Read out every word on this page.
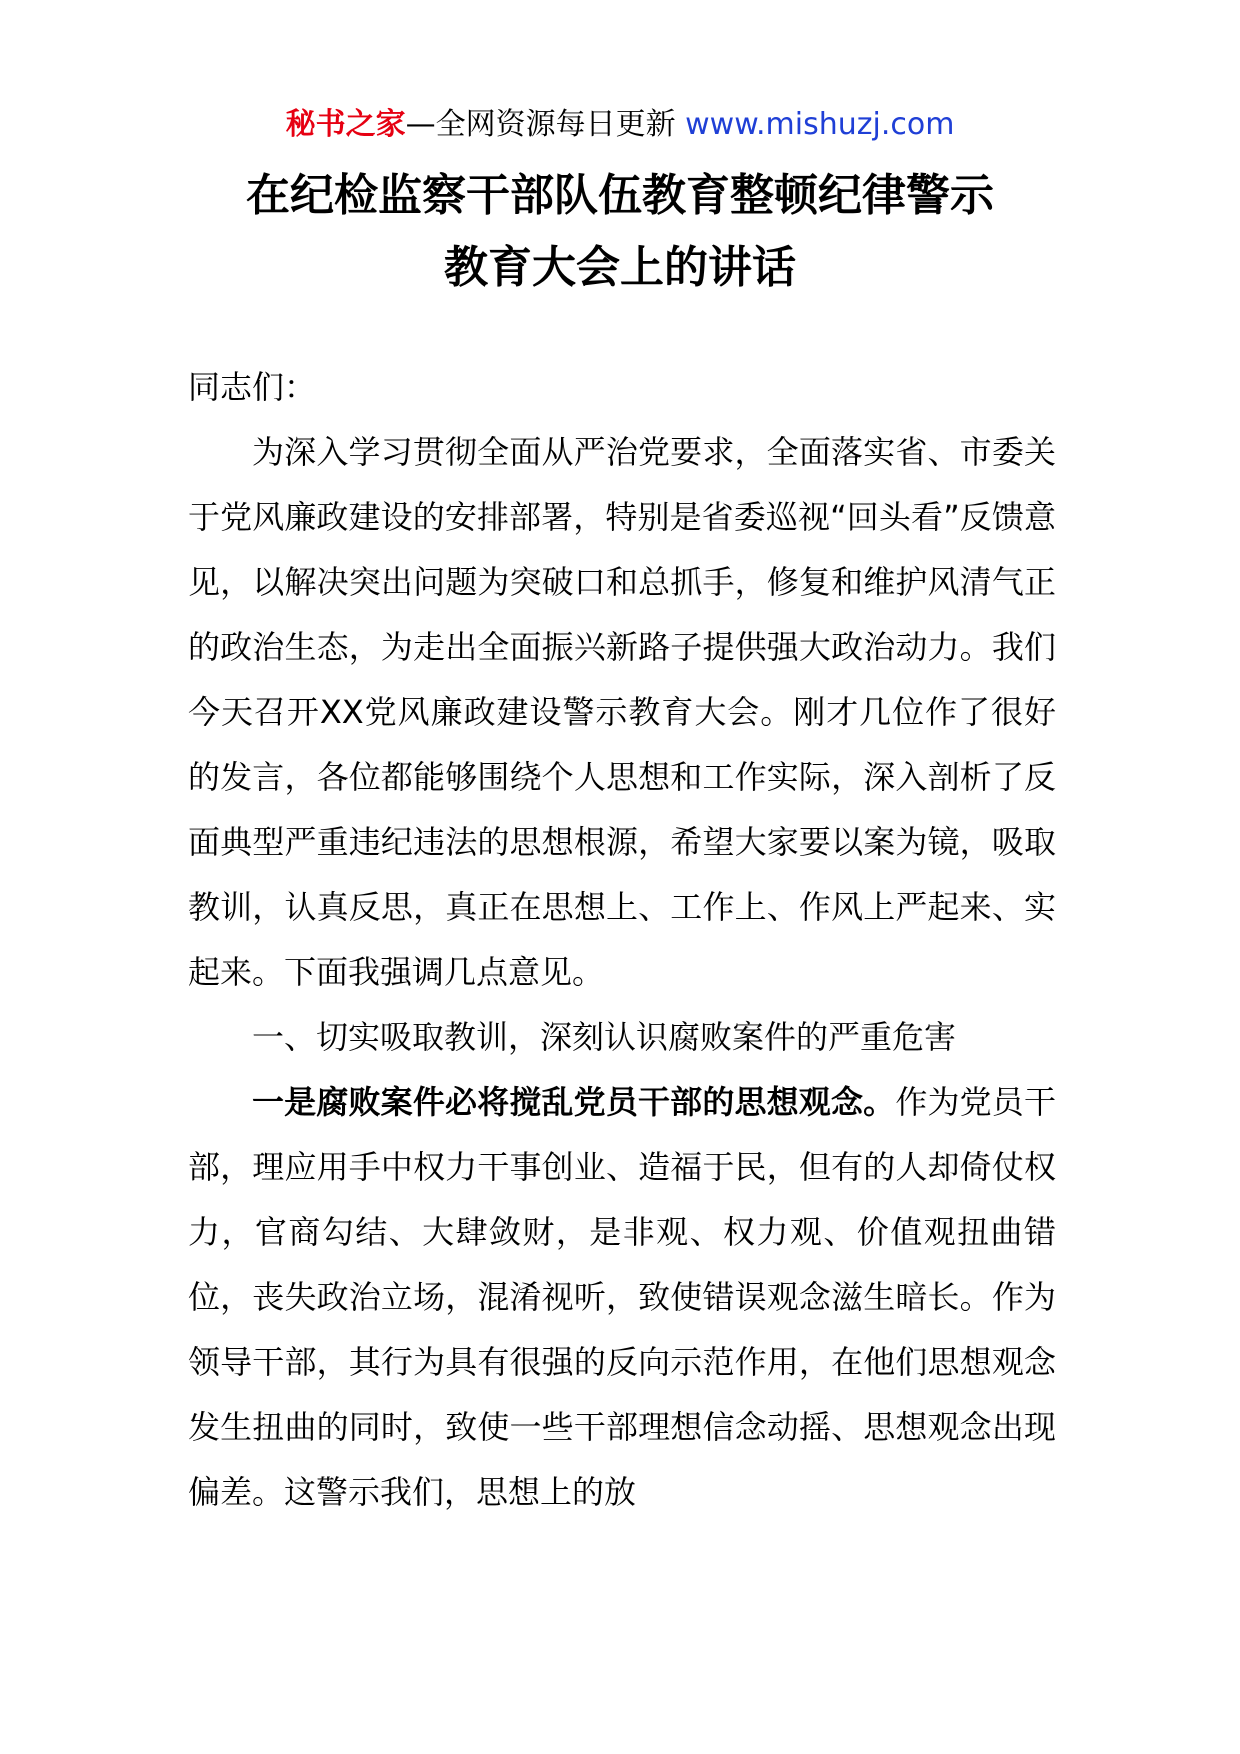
秘书之家—全网资源每日更新 www.mishuzj.com
在纪检监察干部队伍教育整顿纪律警示
教育大会上的讲话

同志们：

为深入学习贯彻全面从严治党要求，全面落实省、市委关于党风廉政建设的安排部署，特别是省委巡视“回头看”反馈意见，以解决突出问题为突破口和总抓手，修复和维护风清气正的政治生态，为走出全面振兴新路子提供强大政治动力。我们今天召开XX党风廉政建设警示教育大会。刚才几位作了很好的发言，各位都能够围绕个人思想和工作实际，深入剖析了反面典型严重违纪违法的思想根源，希望大家要以案为镜，吸取教训，认真反思，真正在思想上、工作上、作风上严起来、实起来。下面我强调几点意见。

一、切实吸取教训，深刻认识腐败案件的严重危害

一是腐败案件必将搅乱党员干部的思想观念。作为党员干部，理应用手中权力干事创业、造福于民，但有的人却倚仗权力，官商勾结、大肆敛财，是非观、权力观、价值观扭曲错位，丧失政治立场，混淆视听，致使错误观念滋生暗长。作为领导干部，其行为具有很强的反向示范作用，在他们思想观念发生扭曲的同时，致使一些干部理想信念动摇、思想观念出现偏差。这警示我们，思想上的放
